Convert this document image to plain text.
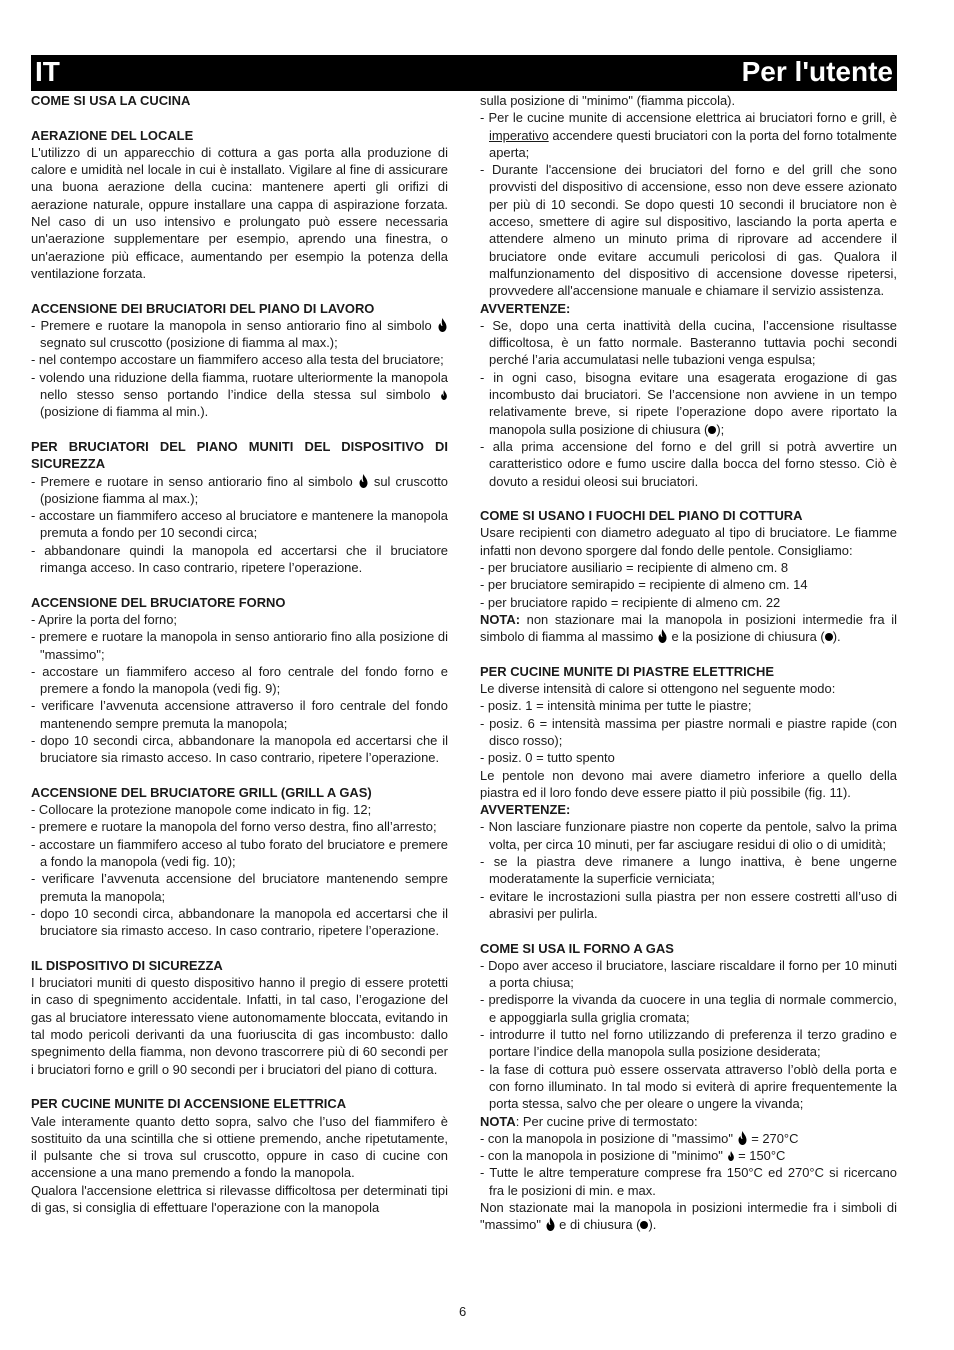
IT	Per l'utente

COME SI USA LA CUCINA

AERAZIONE DEL LOCALE

L'utilizzo di un apparecchio di cottura a gas porta alla produzione di calore e umidità nel locale in cui è installato. Vigilare al fine di assicurare una buona aerazione della cucina: mantenere aperti gli orifizi di aerazione naturale, oppure installare una cappa di aspirazione forzata. Nel caso di un uso intensivo e prolungato può essere necessaria un'aerazione supplementare per esempio, aprendo una finestra, o un'aerazione più efficace, aumentando per esempio la potenza della ventilazione forzata.

ACCENSIONE DEI BRUCIATORI DEL PIANO DI LAVORO

- Premere e ruotare la manopola in senso antiorario fino al simbolo  segnato sul cruscotto (posizione di fiamma al max.);

- nel contempo accostare un fiammifero acceso alla testa del bruciatore;

- volendo una riduzione della fiamma, ruotare ulteriormente la manopola nello stesso senso portando l’indice della stessa sul simbolo  (posizione di fiamma al min.).

PER BRUCIATORI DEL PIANO MUNITI DEL DISPOSITIVO DI SICUREZZA

- Premere e ruotare in senso antiorario fino al simbolo sul cruscotto (posizione fiamma al max.);

- accostare un fiammifero acceso al bruciatore e mantenere la manopola premuta a fondo per 10 secondi circa;

- abbandonare quindi la manopola ed accertarsi che il bruciatore rimanga acceso. In caso contrario, ripetere l’operazione.

ACCENSIONE DEL BRUCIATORE FORNO

- Aprire la porta del forno;

- premere e ruotare la manopola in senso antiorario fino alla posizione di "massimo";

- accostare un fiammifero acceso al foro centrale del fondo forno e premere a fondo la manopola (vedi fig. 9);

- verificare l’avvenuta accensione attraverso il foro centrale del fondo mantenendo sempre premuta la manopola;

- dopo 10 secondi circa, abbandonare la manopola ed accertarsi che il bruciatore sia rimasto acceso. In caso contrario, ripetere l’operazione.

ACCENSIONE DEL BRUCIATORE GRILL (GRILL A GAS)

- Collocare la protezione manopole come indicato in fig. 12;

- premere e ruotare la manopola del forno verso destra, fino all’arresto;

- accostare un fiammifero acceso al tubo forato del bruciatore e premere a fondo la manopola (vedi fig. 10);

- verificare l’avvenuta accensione del bruciatore mantenendo sempre premuta la manopola;

- dopo 10 secondi circa, abbandonare la manopola ed accertarsi che il bruciatore sia rimasto acceso. In caso contrario, ripetere l’operazione.

IL DISPOSITIVO DI SICUREZZA

I bruciatori muniti di questo dispositivo hanno il pregio di essere protetti in caso di spegnimento accidentale. Infatti, in tal caso, l’erogazione del gas al bruciatore interessato viene autonomamente bloccata, evitando in tal modo pericoli derivanti da una fuoriuscita di gas incombusto: dallo spegnimento della fiamma, non devono trascorrere più di 60 secondi per i bruciatori forno e grill o 90 secondi per i bruciatori del piano di cottura.

PER CUCINE MUNITE DI ACCENSIONE ELETTRICA

Vale interamente quanto detto sopra, salvo che l’uso del fiammifero è sostituito da una scintilla che si ottiene premendo, anche ripetutamente, il pulsante che si trova sul cruscotto, oppure in caso di cucine con accensione a una mano premendo a fondo la manopola.

Qualora l'accensione elettrica si rilevasse difficoltosa per determinati tipi di gas, si consiglia di effettuare l'operazione con la manopola

sulla posizione di "minimo" (fiamma piccola).

- Per le cucine munite di accensione elettrica ai bruciatori forno e grill, è imperativo accendere questi bruciatori con la porta del forno totalmente aperta;

- Durante l'accensione dei bruciatori del forno e del grill che sono provvisti del dispositivo di accensione, esso non deve essere azionato per più di 10 secondi. Se dopo questi 10 secondi il bruciatore non è acceso, smettere di agire sul dispositivo, lasciando la porta aperta e attendere almeno un minuto prima di riprovare ad accendere il bruciatore onde evitare accumuli pericolosi di gas. Qualora il malfunzionamento del dispositivo di accensione dovesse ripetersi, provvedere all'accensione manuale e chiamare il servizio assistenza.

AVVERTENZE:

- Se, dopo una certa inattività della cucina, l’accensione risultasse difficoltosa, è un fatto normale. Basteranno tuttavia pochi secondi perché l’aria accumulatasi nelle tubazioni venga espulsa;

- in ogni caso, bisogna evitare una esagerata erogazione di gas incombusto dai bruciatori. Se l’accensione non avviene in un tempo relativamente breve, si ripete l’operazione dopo avere riportato la manopola sulla posizione di chiusura ( );

- alla prima accensione del forno e del grill si potrà avvertire un caratteristico odore e fumo uscire dalla bocca del forno stesso. Ciò è dovuto a residui oleosi sui bruciatori.

COME SI USANO I FUOCHI DEL PIANO DI COTTURA

Usare recipienti con diametro adeguato al tipo di bruciatore. Le fiamme infatti non devono sporgere dal fondo delle pentole. Consigliamo:

- per bruciatore ausiliario = recipiente di almeno cm. 8

- per bruciatore semirapido = recipiente di almeno cm. 14

- per bruciatore rapido = recipiente di almeno cm. 22

NOTA: non stazionare mai la manopola in posizioni intermedie fra il simbolo di fiamma al massimo e la posizione di chiusura ( ).

PER CUCINE MUNITE DI PIASTRE ELETTRICHE

Le diverse intensità di calore si ottengono nel seguente modo:

- posiz. 1 = intensità minima per tutte le piastre;

- posiz. 6 = intensità massima per piastre normali e piastre rapide (con disco rosso);

- posiz. 0 = tutto spento

Le pentole non devono mai avere diametro inferiore a quello della piastra ed il loro fondo deve essere piatto il più possibile (fig. 11).

AVVERTENZE:

- Non lasciare funzionare piastre non coperte da pentole, salvo la prima volta, per circa 10 minuti, per far asciugare residui di olio o di umidità;

- se la piastra deve rimanere a lungo inattiva, è bene ungerne moderatamente la superficie verniciata;

- evitare le incrostazioni sulla piastra per non essere costretti all’uso di abrasivi per pulirla.

COME SI USA IL FORNO A GAS

- Dopo aver acceso il bruciatore, lasciare riscaldare il forno per 10 minuti a porta chiusa;

- predisporre la vivanda da cuocere in una teglia di normale commercio, e appoggiarla sulla griglia cromata;

- introdurre il tutto nel forno utilizzando di preferenza il terzo gradino e portare l’indice della manopola sulla posizione desiderata;

- la fase di cottura può essere osservata attraverso l’oblò della porta e con forno illuminato. In tal modo si eviterà di aprire frequentemente la porta stessa, salvo che per oleare o ungere la vivanda;

NOTA: Per cucine prive di termostato:

- con la manopola in posizione di "massimo" = 270°C

- con la manopola in posizione di "minimo" = 150°C

- Tutte le altre temperature comprese fra 150°C ed 270°C si ricercano fra le posizioni di min. e max.

Non stazionate mai la manopola in posizioni intermedie fra i simboli di "massimo" e di chiusura ( ).

6
